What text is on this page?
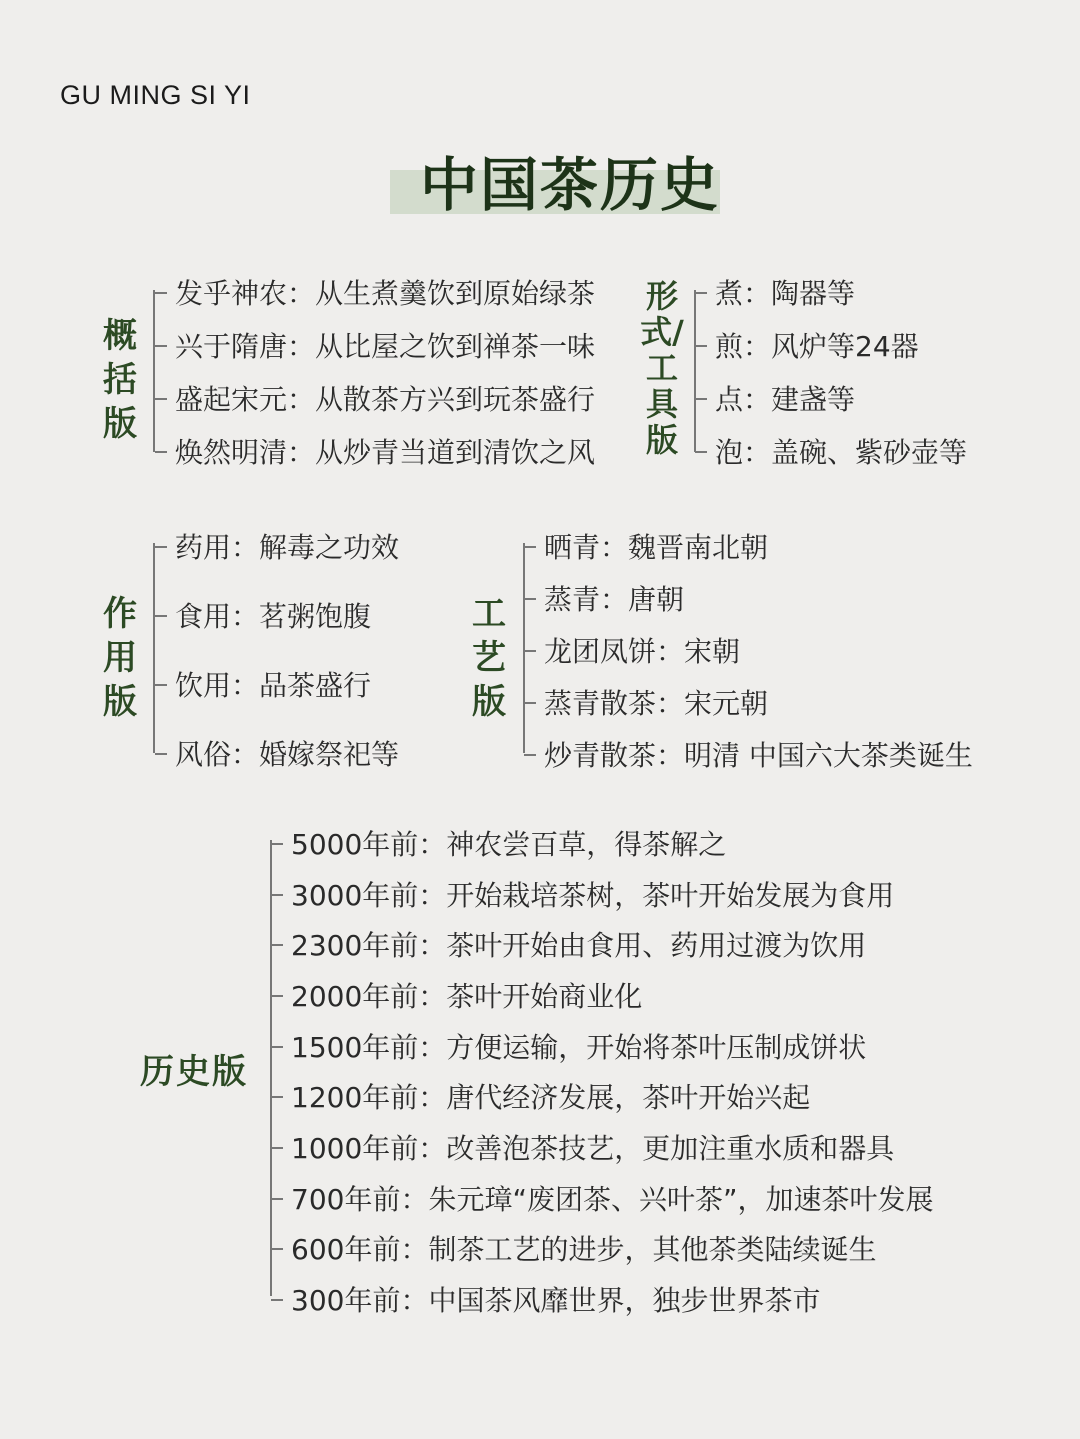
GU MING SI YI
中国茶历史
概括版
发乎神农：从生煮羹饮到原始绿茶
兴于隋唐：从比屋之饮到禅茶一味
盛起宋元：从散茶方兴到玩茶盛行
焕然明清：从炒青当道到清饮之风
形式/工具版
煮：陶器等
煎：风炉等24器
点：建盏等
泡：盖碗、紫砂壶等
作用版
药用：解毒之功效
食用：茗粥饱腹
饮用：品茶盛行
风俗：婚嫁祭祀等
工艺版
晒青：魏晋南北朝
蒸青：唐朝
龙团凤饼：宋朝
蒸青散茶：宋元朝
炒青散茶：明清 中国六大茶类诞生
历史版
5000年前：神农尝百草，得茶解之
3000年前：开始栽培茶树，茶叶开始发展为食用
2300年前：茶叶开始由食用、药用过渡为饮用
2000年前：茶叶开始商业化
1500年前：方便运输，开始将茶叶压制成饼状
1200年前：唐代经济发展，茶叶开始兴起
1000年前：改善泡茶技艺，更加注重水质和器具
700年前：朱元璋“废团茶、兴叶茶”，加速茶叶发展
600年前：制茶工艺的进步，其他茶类陆续诞生
300年前：中国茶风靡世界，独步世界茶市
